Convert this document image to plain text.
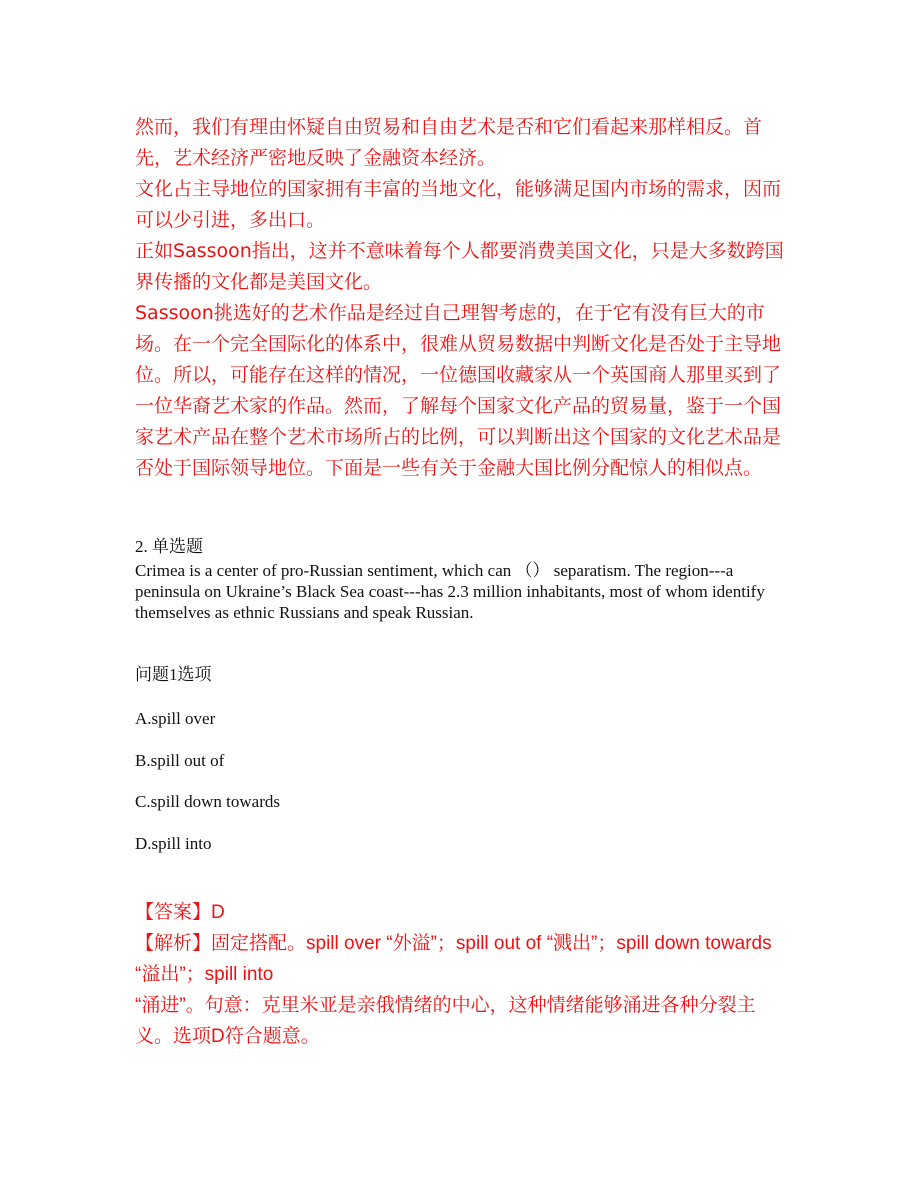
然而，我们有理由怀疑自由贸易和自由艺术是否和它们看起来那样相反。首先，艺术经济严密地反映了金融资本经济。

文化占主导地位的国家拥有丰富的当地文化，能够满足国内市场的需求，因而可以少引进，多出口。

正如Sassoon指出，这并不意味着每个人都要消费美国文化，只是大多数跨国界传播的文化都是美国文化。

Sassoon挑选好的艺术作品是经过自己理智考虑的，在于它有没有巨大的市场。在一个完全国际化的体系中，很难从贸易数据中判断文化是否处于主导地位。所以，可能存在这样的情况，一位德国收藏家从一个英国商人那里买到了一位华裔艺术家的作品。然而，了解每个国家文化产品的贸易量，鉴于一个国家艺术产品在整个艺术市场所占的比例，可以判断出这个国家的文化艺术品是否处于国际领导地位。下面是一些有关于金融大国比例分配惊人的相似点。

2. 单选题
Crimea is a center of pro-Russian sentiment, which can （） separatism. The region---a peninsula on Ukraine’s Black Sea coast---has 2.3 million inhabitants, most of whom identify themselves as ethnic Russians and speak Russian.
问题1选项
A.spill over
B.spill out of
C.spill down towards
D.spill into

【答案】D

【解析】固定搭配。spill over “外溢”；spill out of “溅出”；spill down towards “溢出”；spill into

“涌进”。句意：克里米亚是亲俄情绪的中心，这种情绪能够涌进各种分裂主义。选项D符合题意。
